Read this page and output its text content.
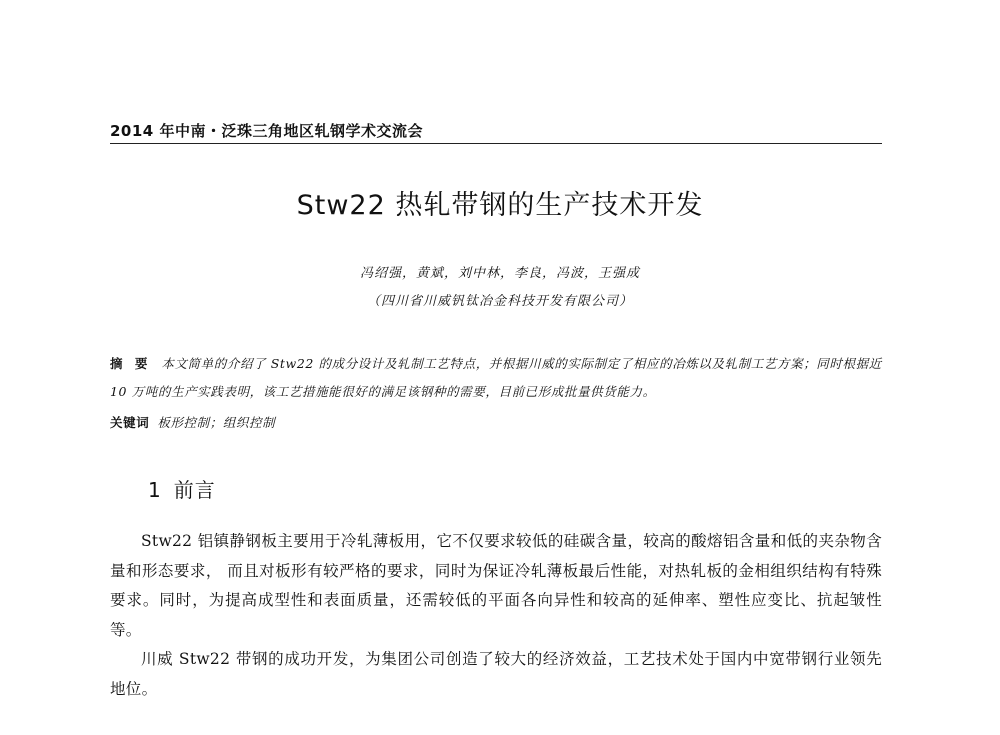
2014 年中南・泛珠三角地区轧钢学术交流会
Stw22 热轧带钢的生产技术开发
冯绍强，黄斌，刘中林，李良，冯波，王强成
（四川省川威钒钛冶金科技开发有限公司）
摘 要 本文简单的介绍了 Stw22 的成分设计及轧制工艺特点，并根据川威的实际制定了相应的冶炼以及轧制工艺方案；同时根据近 10 万吨的生产实践表明，该工艺措施能很好的满足该钢种的需要，目前已形成批量供货能力。
关键词 板形控制；组织控制
1 前言

Stw22 铝镇静钢板主要用于冷轧薄板用，它不仅要求较低的硅碳含量，较高的酸熔铝含量和低的夹杂物含量和形态要求， 而且对板形有较严格的要求，同时为保证冷轧薄板最后性能，对热轧板的金相组织结构有特殊要求。同时，为提高成型性和表面质量，还需较低的平面各向异性和较高的延伸率、塑性应变比、抗起皱性等。

川威 Stw22 带钢的成功开发，为集团公司创造了较大的经济效益，工艺技术处于国内中宽带钢行业领先地位。
